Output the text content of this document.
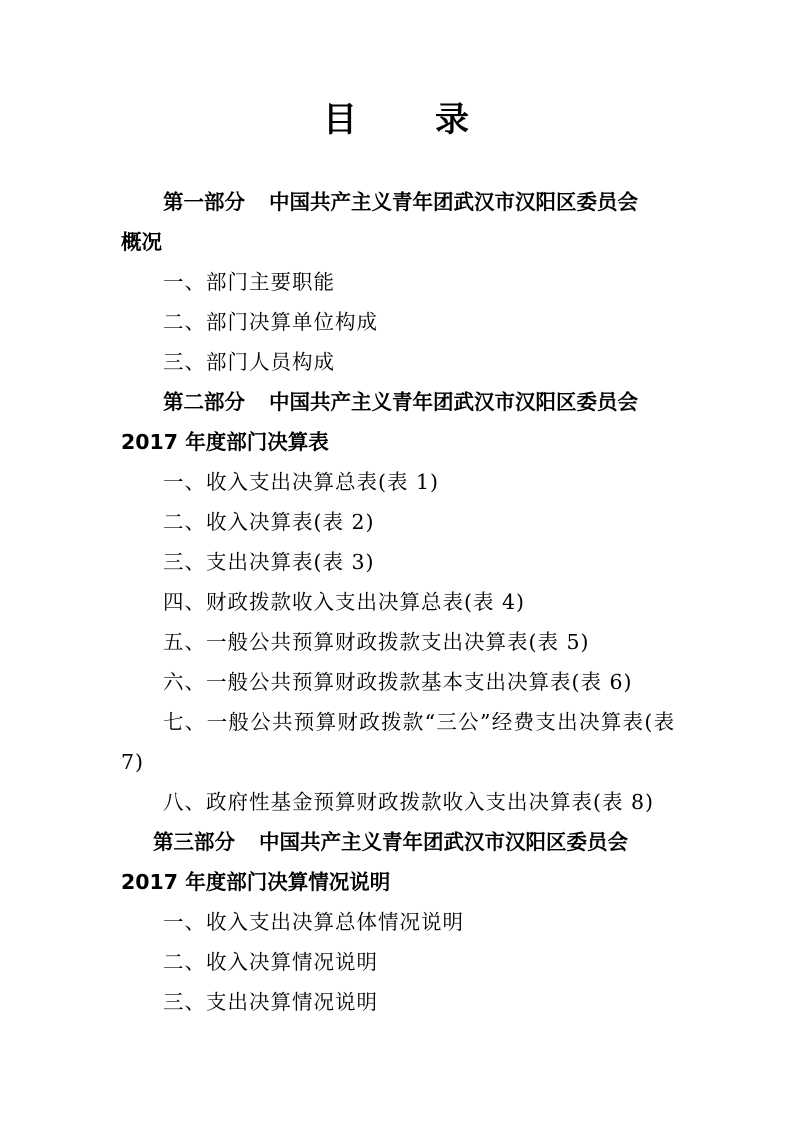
目 录

第一部分 中国共产主义青年团武汉市汉阳区委员会

概况

一、部门主要职能

二、部门决算单位构成

三、部门人员构成

第二部分 中国共产主义青年团武汉市汉阳区委员会

2017 年度部门决算表

一、收入支出决算总表(表 1)

二、收入决算表(表 2)

三、支出决算表(表 3)

四、财政拨款收入支出决算总表(表 4)

五、一般公共预算财政拨款支出决算表(表 5)

六、一般公共预算财政拨款基本支出决算表(表 6)

七、一般公共预算财政拨款“三公”经费支出决算表(表

7)

八、政府性基金预算财政拨款收入支出决算表(表 8)

第三部分 中国共产主义青年团武汉市汉阳区委员会

2017 年度部门决算情况说明

一、收入支出决算总体情况说明

二、收入决算情况说明

三、支出决算情况说明
